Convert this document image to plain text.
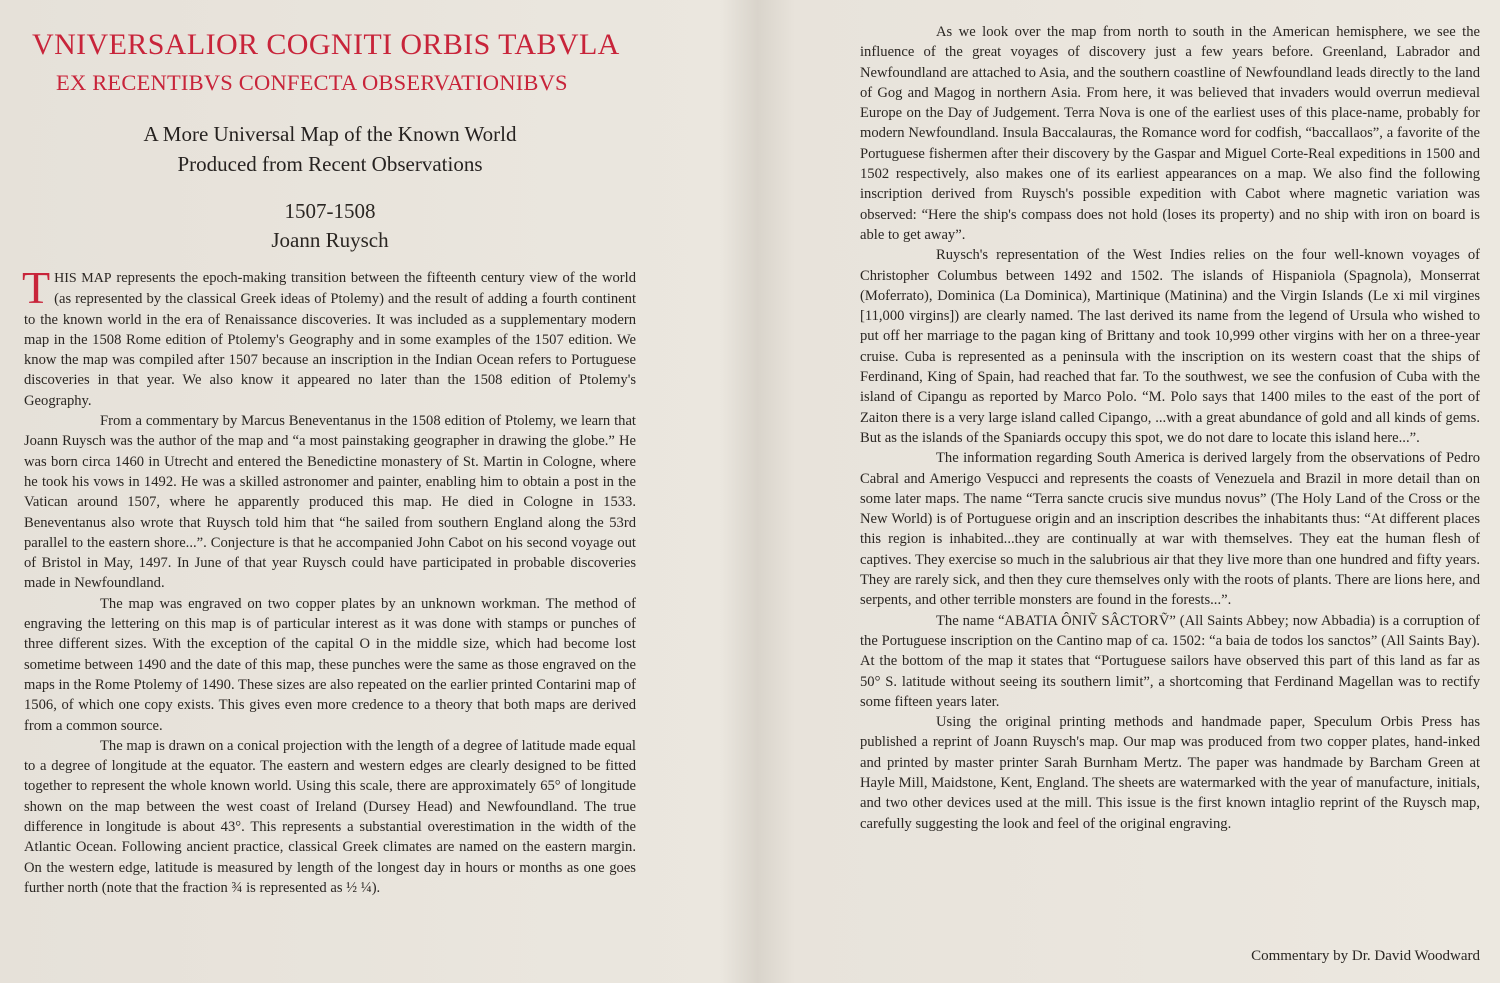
VNIVERSALIOR COGNITI ORBIS TABVLA
EX RECENTIBVS CONFECTA OBSERVATIONIBVS
A More Universal Map of the Known World
Produced from Recent Observations
1507-1508
Joann Ruysch

THIS MAP represents the epoch-making transition between the fifteenth century view of the world (as represented by the classical Greek ideas of Ptolemy) and the result of adding a fourth continent to the known world in the era of Renaissance discoveries. It was included as a supplementary modern map in the 1508 Rome edition of Ptolemy's Geography and in some examples of the 1507 edition. We know the map was compiled after 1507 because an inscription in the Indian Ocean refers to Portuguese discoveries in that year. We also know it appeared no later than the 1508 edition of Ptolemy's Geography.

From a commentary by Marcus Beneventanus in the 1508 edition of Ptolemy, we learn that Joann Ruysch was the author of the map and “a most painstaking geographer in drawing the globe.” He was born circa 1460 in Utrecht and entered the Benedictine monastery of St. Martin in Cologne, where he took his vows in 1492. He was a skilled astronomer and painter, enabling him to obtain a post in the Vatican around 1507, where he apparently produced this map. He died in Cologne in 1533. Beneventanus also wrote that Ruysch told him that “he sailed from southern England along the 53rd parallel to the eastern shore...”. Conjecture is that he accompanied John Cabot on his second voyage out of Bristol in May, 1497. In June of that year Ruysch could have participated in probable discoveries made in Newfoundland.

The map was engraved on two copper plates by an unknown workman. The method of engraving the lettering on this map is of particular interest as it was done with stamps or punches of three different sizes. With the exception of the capital O in the middle size, which had become lost sometime between 1490 and the date of this map, these punches were the same as those engraved on the maps in the Rome Ptolemy of 1490. These sizes are also repeated on the earlier printed Contarini map of 1506, of which one copy exists. This gives even more credence to a theory that both maps are derived from a common source.

The map is drawn on a conical projection with the length of a degree of latitude made equal to a degree of longitude at the equator. The eastern and western edges are clearly designed to be fitted together to represent the whole known world. Using this scale, there are approximately 65° of longitude shown on the map between the west coast of Ireland (Dursey Head) and Newfoundland. The true difference in longitude is about 43°. This represents a substantial overestimation in the width of the Atlantic Ocean. Following ancient practice, classical Greek climates are named on the eastern margin. On the western edge, latitude is measured by length of the longest day in hours or months as one goes further north (note that the fraction ¾ is represented as ½ ¼).

As we look over the map from north to south in the American hemisphere, we see the influence of the great voyages of discovery just a few years before. Greenland, Labrador and Newfoundland are attached to Asia, and the southern coastline of Newfoundland leads directly to the land of Gog and Magog in northern Asia. From here, it was believed that invaders would overrun medieval Europe on the Day of Judgement. Terra Nova is one of the earliest uses of this place-name, probably for modern Newfoundland. Insula Baccalauras, the Romance word for codfish, “baccallaos”, a favorite of the Portuguese fishermen after their discovery by the Gaspar and Miguel Corte-Real expeditions in 1500 and 1502 respectively, also makes one of its earliest appearances on a map. We also find the following inscription derived from Ruysch's possible expedition with Cabot where magnetic variation was observed: “Here the ship's compass does not hold (loses its property) and no ship with iron on board is able to get away”.

Ruysch's representation of the West Indies relies on the four well-known voyages of Christopher Columbus between 1492 and 1502. The islands of Hispaniola (Spagnola), Monserrat (Moferrato), Dominica (La Dominica), Martinique (Matinina) and the Virgin Islands (Le xi mil virgines [11,000 virgins]) are clearly named. The last derived its name from the legend of Ursula who wished to put off her marriage to the pagan king of Brittany and took 10,999 other virgins with her on a three-year cruise. Cuba is represented as a peninsula with the inscription on its western coast that the ships of Ferdinand, King of Spain, had reached that far. To the southwest, we see the confusion of Cuba with the island of Cipangu as reported by Marco Polo. “M. Polo says that 1400 miles to the east of the port of Zaiton there is a very large island called Cipango, ...with a great abundance of gold and all kinds of gems. But as the islands of the Spaniards occupy this spot, we do not dare to locate this island here...”.

The information regarding South America is derived largely from the observations of Pedro Cabral and Amerigo Vespucci and represents the coasts of Venezuela and Brazil in more detail than on some later maps. The name “Terra sancte crucis sive mundus novus” (The Holy Land of the Cross or the New World) is of Portuguese origin and an inscription describes the inhabitants thus: “At different places this region is inhabited...they are continually at war with themselves. They eat the human flesh of captives. They exercise so much in the salubrious air that they live more than one hundred and fifty years. They are rarely sick, and then they cure themselves only with the roots of plants. There are lions here, and serpents, and other terrible monsters are found in the forests...”.

The name “ABATIA ÔNIṼ SÂCTORṼ” (All Saints Abbey; now Abbadia) is a corruption of the Portuguese inscription on the Cantino map of ca. 1502: “a baia de todos los sanctos” (All Saints Bay). At the bottom of the map it states that “Portuguese sailors have observed this part of this land as far as 50° S. latitude without seeing its southern limit”, a shortcoming that Ferdinand Magellan was to rectify some fifteen years later.

Using the original printing methods and handmade paper, Speculum Orbis Press has published a reprint of Joann Ruysch's map. Our map was produced from two copper plates, hand-inked and printed by master printer Sarah Burnham Mertz. The paper was handmade by Barcham Green at Hayle Mill, Maidstone, Kent, England. The sheets are watermarked with the year of manufacture, initials, and two other devices used at the mill. This issue is the first known intaglio reprint of the Ruysch map, carefully suggesting the look and feel of the original engraving.

Commentary by Dr. David Woodward
